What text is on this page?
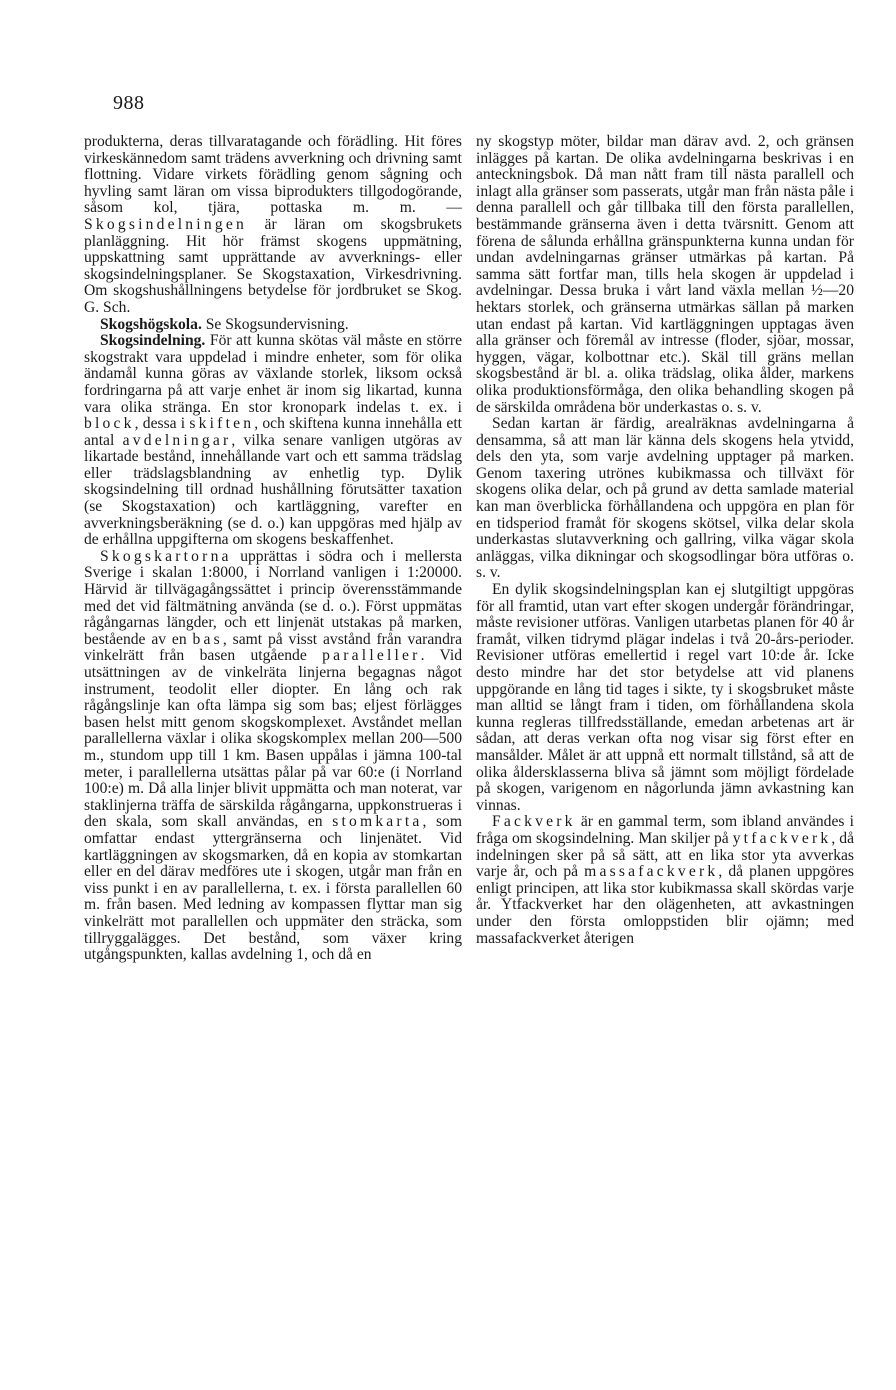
988

produkterna, deras tillvaratagande och förädling. Hit föres virkeskännedom samt trädens avverkning och drivning samt flottning. Vidare virkets förädling genom sågning och hyvling samt läran om vissa biprodukters tillgodogörande, såsom kol, tjära, pottaska m. m. — Skogsindelningen är läran om skogsbrukets planläggning. Hit hör främst skogens uppmätning, uppskattning samt upprättande av avverknings- eller skogsindelningsplaner. Se Skogstaxation, Virkesdrivning. Om skogshushållningens betydelse för jordbruket se Skog. G. Sch.

Skogshögskola. Se Skogsundervisning.

Skogsindelning. För att kunna skötas väl måste en större skogstrakt vara uppdelad i mindre enheter, som för olika ändamål kunna göras av växlande storlek, liksom också fordringarna på att varje enhet är inom sig likartad, kunna vara olika stränga. En stor kronopark indelas t. ex. i block, dessa i skiften, och skiftena kunna innehålla ett antal avdelningar, vilka senare vanligen utgöras av likartade bestånd, innehållande vart och ett samma trädslag eller trädslagsblandning av enhetlig typ. Dylik skogsindelning till ordnad hushållning förutsätter taxation (se Skogstaxation) och kartläggning, varefter en avverkningsberäkning (se d. o.) kan uppgöras med hjälp av de erhållna uppgifterna om skogens beskaffenhet.

Skogskartorna upprättas i södra och i mellersta Sverige i skalan 1:8000, i Norrland vanligen i 1:20000. Härvid är tillvägagångssättet i princip överensstämmande med det vid fältmätning använda (se d. o.). Först uppmätas rågångarnas längder, och ett linjenät utstakas på marken, bestående av en bas, samt på visst avstånd från varandra vinkelrätt från basen utgående paralleller. Vid utsättningen av de vinkelräta linjerna begagnas något instrument, teodolit eller diopter. En lång och rak rågångslinje kan ofta lämpa sig som bas; eljest förlägges basen helst mitt genom skogskomplexet. Avståndet mellan parallellerna växlar i olika skogskomplex mellan 200—500 m., stundom upp till 1 km. Basen uppålas i jämna 100-tal meter, i parallellerna utsättas pålar på var 60:e (i Norrland 100:e) m. Då alla linjer blivit uppmätta och man noterat, var staklinjerna träffa de särskilda rågångarna, uppkonstrueras i den skala, som skall användas, en stomkarta, som omfattar endast yttergränserna och linjenätet. Vid kartläggningen av skogsmarken, då en kopia av stomkartan eller en del därav medföres ute i skogen, utgår man från en viss punkt i en av parallellerna, t. ex. i första parallellen 60 m. från basen. Med ledning av kompassen flyttar man sig vinkelrätt mot parallellen och uppmäter den sträcka, som tillryggalägges. Det bestånd, som växer kring utgångspunkten, kallas avdelning 1, och då en

ny skogstyp möter, bildar man därav avd. 2, och gränsen inlägges på kartan. De olika avdelningarna beskrivas i en anteckningsbok. Då man nått fram till nästa parallell och inlagt alla gränser som passerats, utgår man från nästa påle i denna parallell och går tillbaka till den första parallellen, bestämmande gränserna även i detta tvärsnitt. Genom att förena de sålunda erhållna gränspunkterna kunna undan för undan avdelningarnas gränser utmärkas på kartan. På samma sätt fortfar man, tills hela skogen är uppdelad i avdelningar. Dessa bruka i vårt land växla mellan ½—20 hektars storlek, och gränserna utmärkas sällan på marken utan endast på kartan. Vid kartläggningen upptagas även alla gränser och föremål av intresse (floder, sjöar, mossar, hyggen, vägar, kolbottnar etc.). Skäl till gräns mellan skogsbestånd är bl. a. olika trädslag, olika ålder, markens olika produktionsförmåga, den olika behandling skogen på de särskilda områdena bör underkastas o. s. v.

Sedan kartan är färdig, arealräknas avdelningarna å densamma, så att man lär känna dels skogens hela ytvidd, dels den yta, som varje avdelning upptager på marken. Genom taxering utrönes kubikmassa och tillväxt för skogens olika delar, och på grund av detta samlade material kan man överblicka förhållandena och uppgöra en plan för en tidsperiod framåt för skogens skötsel, vilka delar skola underkastas slutavverkning och gallring, vilka vägar skola anläggas, vilka dikningar och skogsodlingar böra utföras o. s. v.

En dylik skogsindelningsplan kan ej slutgiltigt uppgöras för all framtid, utan vart efter skogen undergår förändringar, måste revisioner utföras. Vanligen utarbetas planen för 40 år framåt, vilken tidrymd plägar indelas i två 20-års-perioder. Revisioner utföras emellertid i regel vart 10:de år. Icke desto mindre har det stor betydelse att vid planens uppgörande en lång tid tages i sikte, ty i skogsbruket måste man alltid se långt fram i tiden, om förhållandena skola kunna regleras tillfredsställande, emedan arbetenas art är sådan, att deras verkan ofta nog visar sig först efter en mansålder. Målet är att uppnå ett normalt tillstånd, så att de olika åldersklasserna bliva så jämnt som möjligt fördelade på skogen, varigenom en någorlunda jämn avkastning kan vinnas.

Fackverk är en gammal term, som ibland användes i fråga om skogsindelning. Man skiljer på ytfackverk, då indelningen sker på så sätt, att en lika stor yta avverkas varje år, och på massafackverk, då planen uppgöres enligt principen, att lika stor kubikmassa skall skördas varje år. Ytfackverket har den olägenheten, att avkastningen under den första omloppstiden blir ojämn; med massafackverket återigen
